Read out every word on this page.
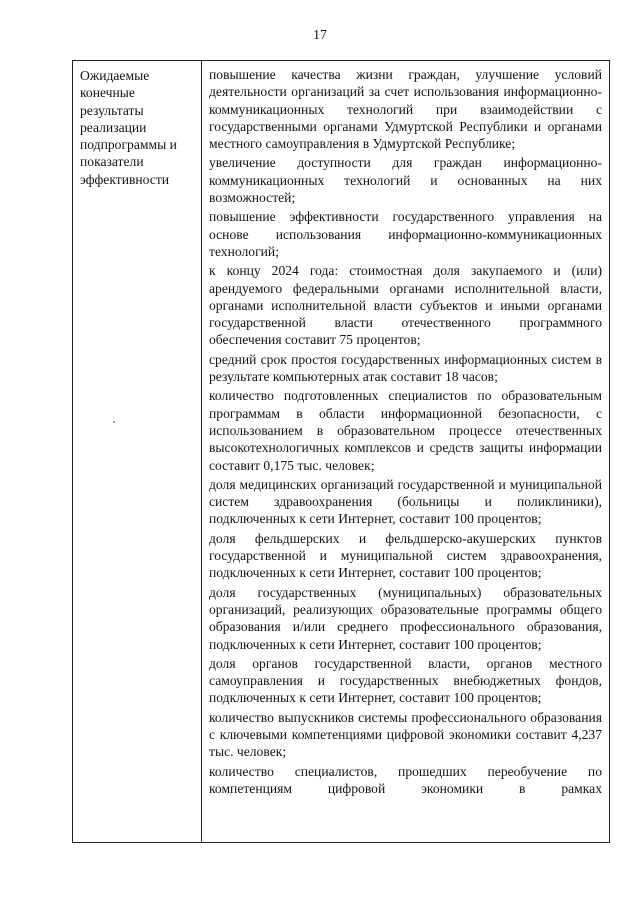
17
Ожидаемые конечные результаты реализации подпрограммы и показатели эффективности
повышение качества жизни граждан, улучшение условий деятельности организаций за счет использования информационно-коммуникационных технологий при взаимодействии с государственными органами Удмуртской Республики и органами местного самоуправления в Удмуртской Республике;
увеличение доступности для граждан информационно-коммуникационных технологий и основанных на них возможностей;
повышение эффективности государственного управления на основе использования информационно-коммуникационных технологий;
к концу 2024 года: стоимостная доля закупаемого и (или) арендуемого федеральными органами исполнительной власти, органами исполнительной власти субъектов и иными органами государственной власти отечественного программного обеспечения составит 75 процентов;
средний срок простоя государственных информационных систем в результате компьютерных атак составит 18 часов;
количество подготовленных специалистов по образовательным программам в области информационной безопасности, с использованием в образовательном процессе отечественных высокотехнологичных комплексов и средств защиты информации составит 0,175 тыс. человек;
доля медицинских организаций государственной и муниципальной систем здравоохранения (больницы и поликлиники), подключенных к сети Интернет, составит 100 процентов;
доля фельдшерских и фельдшерско-акушерских пунктов государственной и муниципальной систем здравоохранения, подключенных к сети Интернет, составит 100 процентов;
доля государственных (муниципальных) образовательных организаций, реализующих образовательные программы общего образования и/или среднего профессионального образования, подключенных к сети Интернет, составит 100 процентов;
доля органов государственной власти, органов местного самоуправления и государственных внебюджетных фондов, подключенных к сети Интернет, составит 100 процентов;
количество выпускников системы профессионального образования с ключевыми компетенциями цифровой экономики составит 4,237 тыс. человек;
количество специалистов, прошедших переобучение по компетенциям цифровой экономики в рамках
